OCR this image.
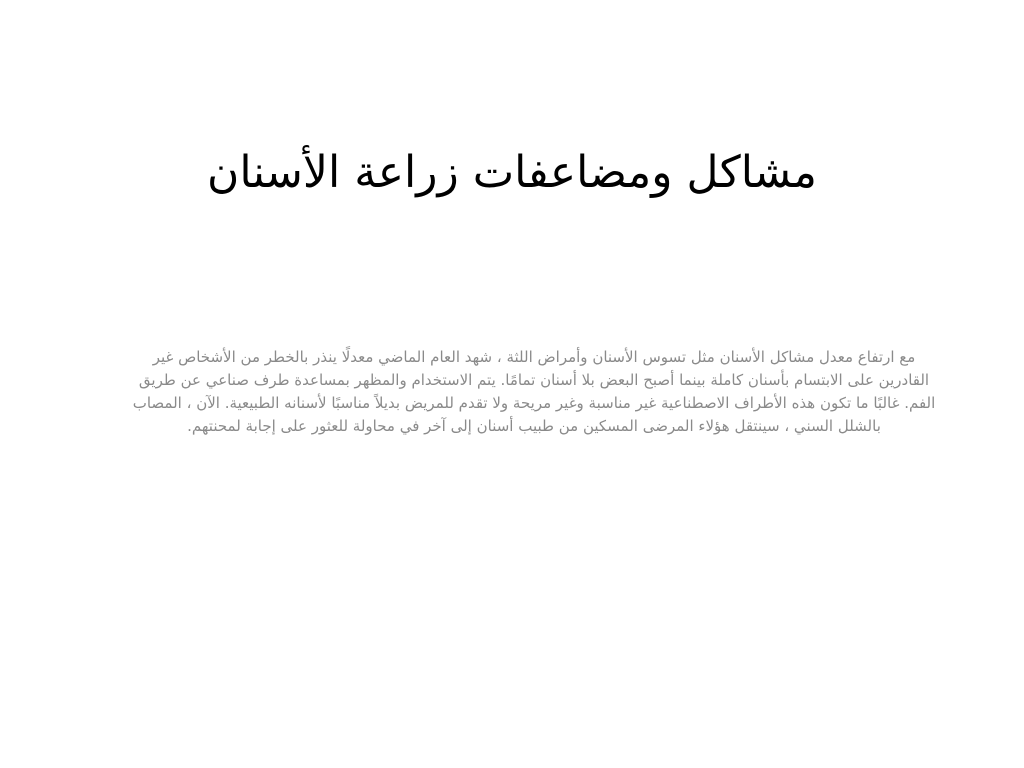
مشاكل ومضاعفات زراعة الأسنان

مع ارتفاع معدل مشاكل الأسنان مثل تسوس الأسنان وأمراض اللثة ، شهد العام الماضي معدلًا ينذر بالخطر من الأشخاص غير القادرين على الابتسام بأسنان كاملة بينما أصبح البعض بلا أسنان تمامًا. يتم الاستخدام والمظهر بمساعدة طرف صناعي عن طريق الفم. غالبًا ما تكون هذه الأطراف الاصطناعية غير مناسبة وغير مريحة ولا تقدم للمريض بديلاً مناسبًا لأسنانه الطبيعية. الآن ، المصاب بالشلل السني ، سينتقل هؤلاء المرضى المسكين من طبيب أسنان إلى آخر في محاولة للعثور على إجابة لمحنتهم.
